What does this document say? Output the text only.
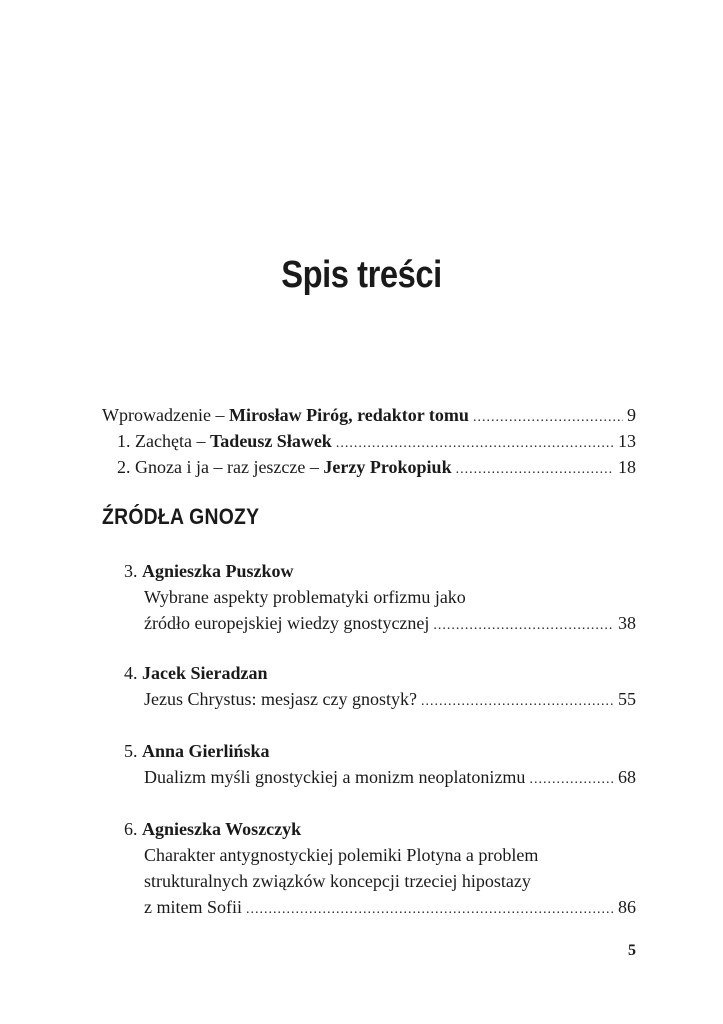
Spis treści
Wprowadzenie – Mirosław Piróg, redaktor tomu .....	9
1. Zachęta – Tadeusz Sławek .....	13
2. Gnoza i ja – raz jeszcze – Jerzy Prokopiuk .....	18
ŹRÓDŁA GNOZY
3. Agnieszka Puszkow
Wybrane aspekty problematyki orfizmu jako
źródło europejskiej wiedzy gnostycznej .....	38
4. Jacek Sieradzan
Jezus Chrystus: mesjasz czy gnostyk? .....	55
5. Anna Gierlińska
Dualizm myśli gnostyckiej a monizm neoplatonizmu .....	68
6. Agnieszka Woszczyk
Charakter antygnostyckiej polemiki Plotyna a problem
strukturalnych związków koncepcji trzeciej hipostazy
z mitem Sofii .....	86
5
